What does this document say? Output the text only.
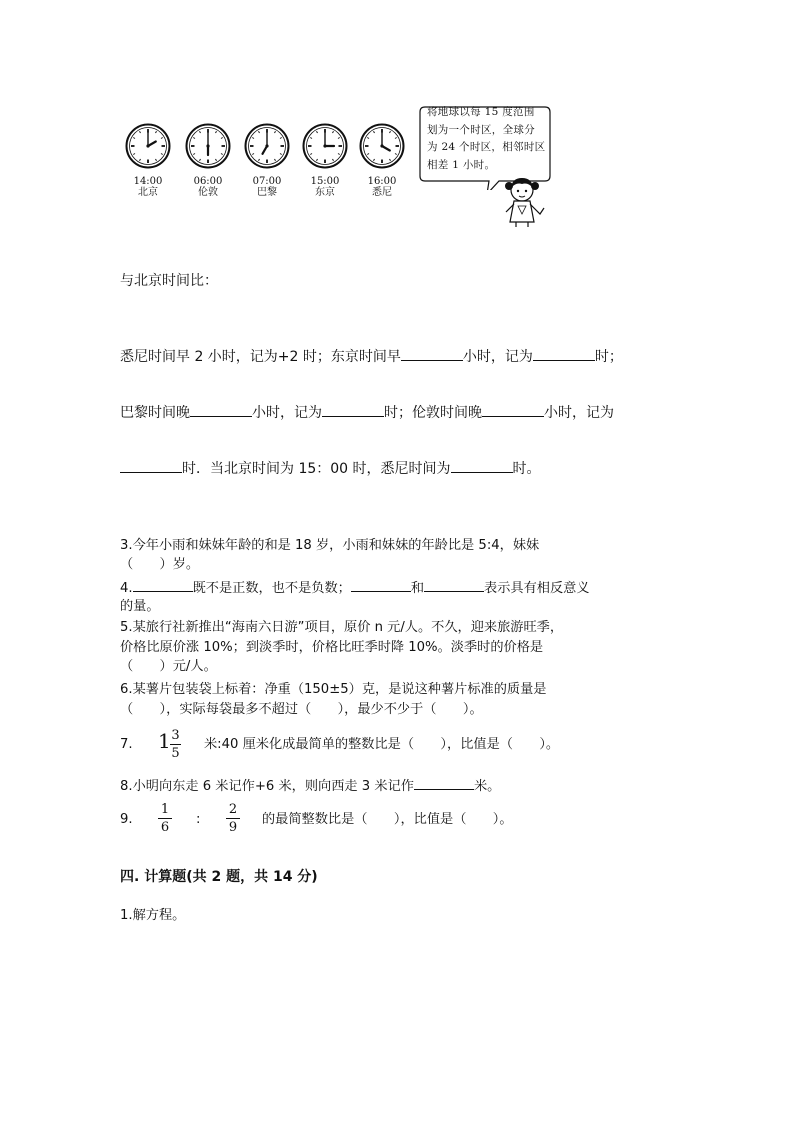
14:00
北京
06:00
伦敦
07:00
巴黎
15:00
东京
16:00
悉尼
将地球以每 15 度范围
划为一个时区，全球分
为 24 个时区，相邻时区
相差 1 小时。
与北京时间比：
悉尼时间早 2 小时，记为+2 时；东京时间早	小时，记为	时；
巴黎时间晚	小时，记为	时；伦敦时间晚	小时，记为
时．当北京时间为 15：00 时，悉尼时间为	时。
3.今年小雨和妹妹年龄的和是 18 岁，小雨和妹妹的年龄比是 5:4，妹妹
（　　）岁。
4.	既不是正数，也不是负数；	和	表示具有相反意义
的量。
5.某旅行社新推出“海南六日游”项目，原价 n 元/人。不久，迎来旅游旺季，
价格比原价涨 10%；到淡季时，价格比旺季时降 10%。淡季时的价格是
（　　）元/人。
6.某薯片包装袋上标着：净重（150±5）克，是说这种薯片标准的质量是
（　　），实际每袋最多不超过（　　），最少不少于（　　）。
7. 1 3
5
米:40 厘米化成最简单的整数比是（　　），比值是（　　）。
8.小明向东走 6 米记作+6 米，则向西走 3 米记作	米。
9.
1
6
:
2
9
的最简整数比是（　　），比值是（　　）。
四. 计算题(共 2 题，共 14 分)
1.解方程。
